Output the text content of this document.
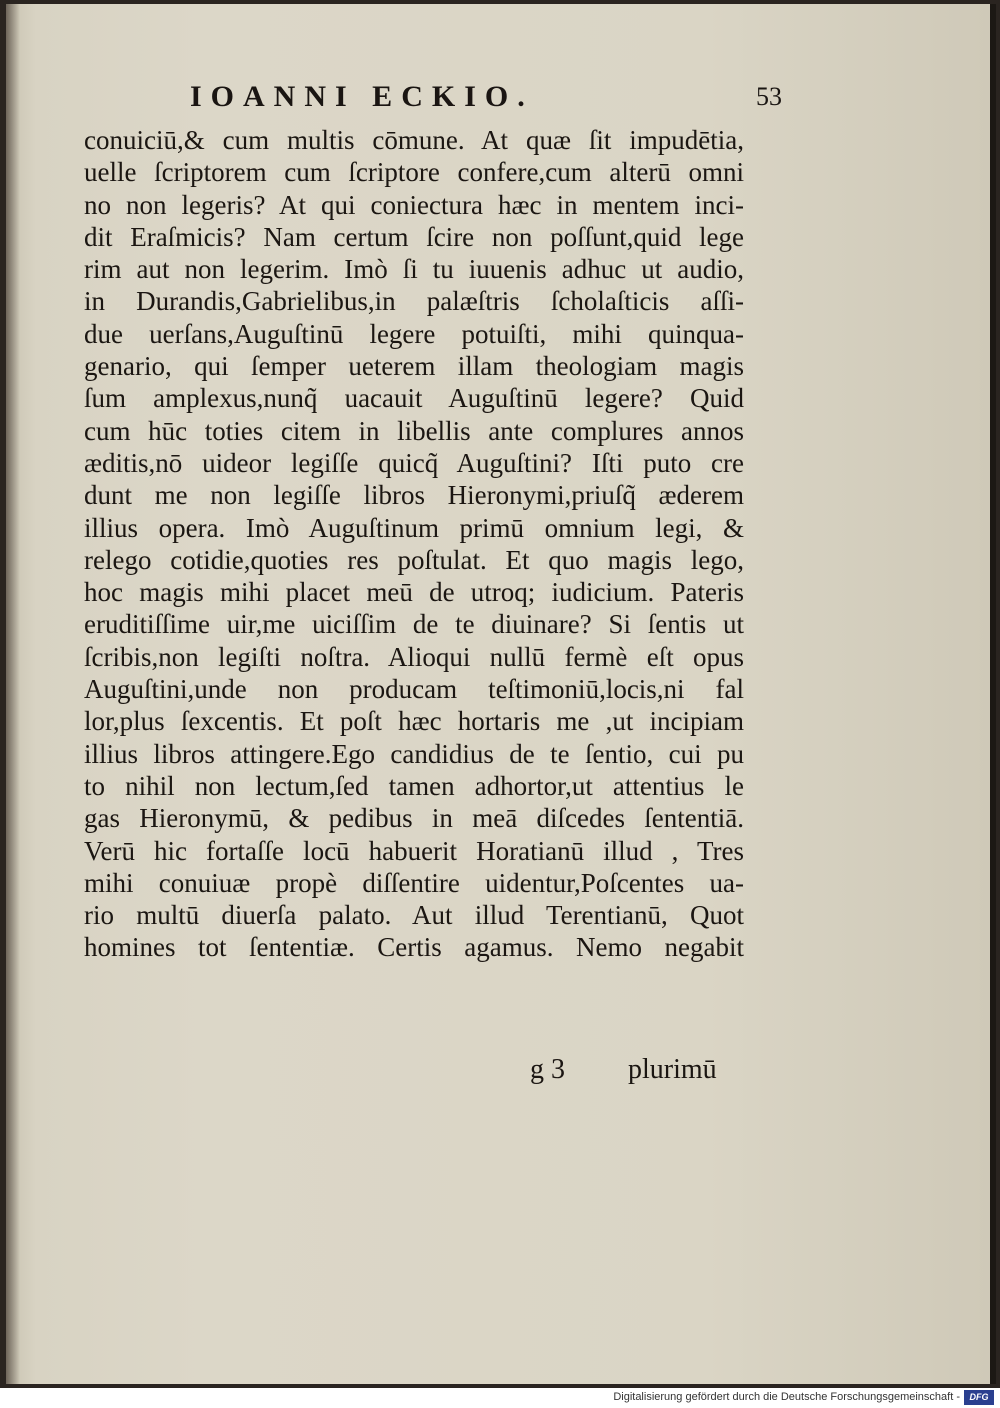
IOANNI ECKIO.	53
conuiciū,& cum multis cōmune. At quæ ſit impudētia,
uelle ſcriptorem cum ſcriptore confere,cum alterū omni
no non legeris? At qui coniectura hæc in mentem inci-
dit Eraſmicis? Nam certum ſcire non poſſunt,quid lege
rim aut non legerim. Imò ſi tu iuuenis adhuc ut audio,
in Durandis,Gabrielibus,in palæſtris ſcholaſticis aſſi-
due uerſans,Auguſtinū legere potuiſti, mihi quinqua-
genario, qui ſemper ueterem illam theologiam magis
ſum amplexus,nunq̃ uacauit Auguſtinū legere? Quid
cum hūc toties citem in libellis ante complures annos
æditis,nō uideor legiſſe quicq̃ Auguſtini? Iſti puto cre
dunt me non legiſſe libros Hieronymi,priuſq̃ æderem
illius opera. Imò Auguſtinum primū omnium legi, &
relego cotidie,quoties res poſtulat. Et quo magis lego,
hoc magis mihi placet meū de utroq; iudicium. Pateris
eruditiſſime uir,me uiciſſim de te diuinare? Si ſentis ut
ſcribis,non legiſti noſtra. Alioqui nullū fermè eſt opus
Auguſtini,unde non producam teſtimoniū,locis,ni fal
lor,plus ſexcentis. Et poſt hæc hortaris me ,ut incipiam
illius libros attingere.Ego candidius de te ſentio, cui pu
to nihil non lectum,ſed tamen adhortor,ut attentius le
gas Hieronymū, & pedibus in meā diſcedes ſententiā.
Verū hic fortaſſe locū habuerit Horatianū illud , Tres
mihi conuiuæ propè diſſentire uidentur,Poſcentes ua-
rio multū diuerſa palato. Aut illud Terentianū, Quot
homines tot ſententiæ. Certis agamus. Nemo negabit
g 3 plurimū
Digitalisierung gefördert durch die Deutsche Forschungsgemeinschaft -	DFG
